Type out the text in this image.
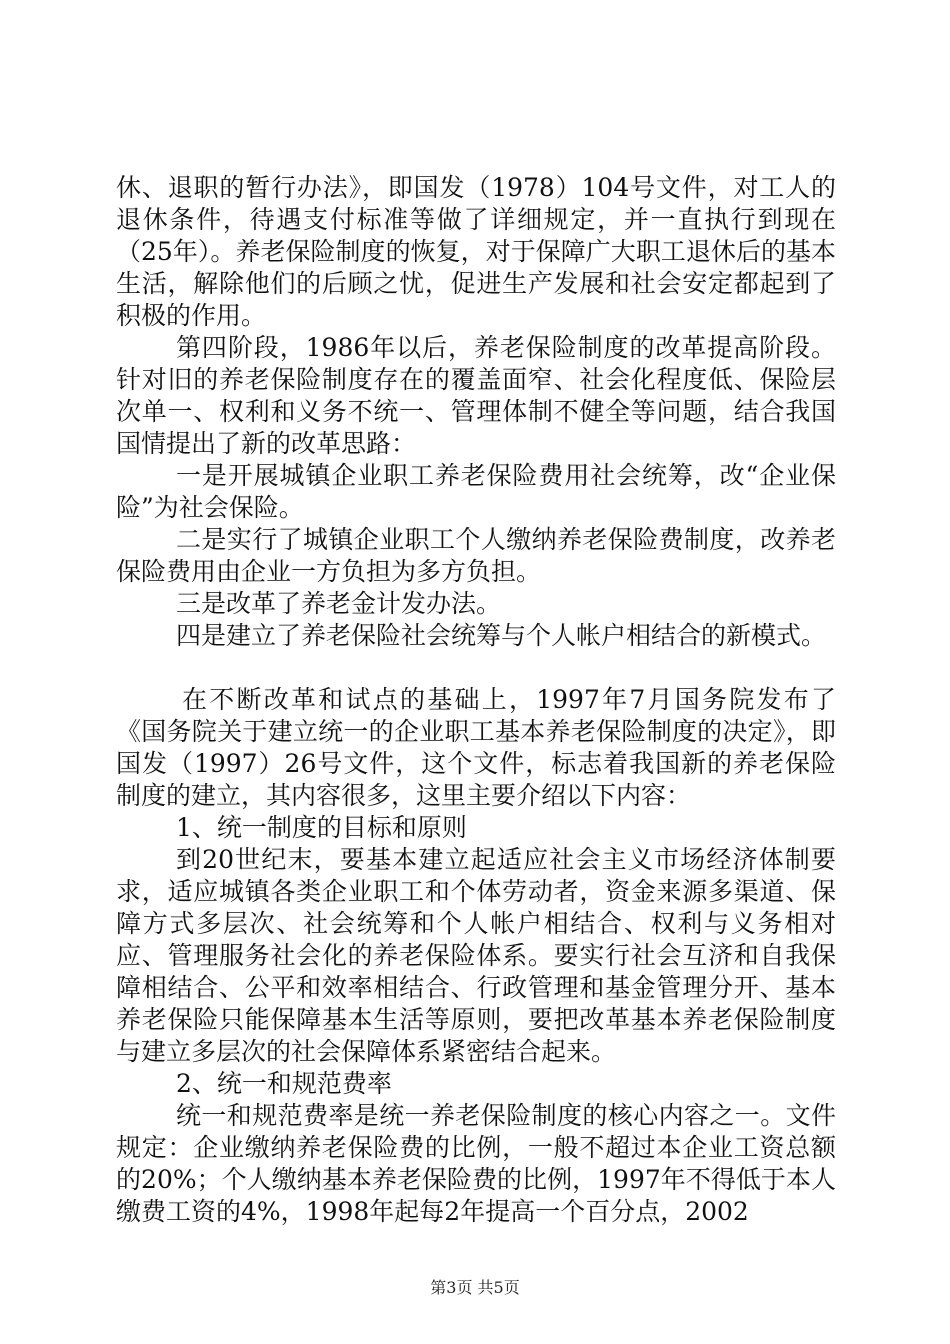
休、退职的暂行办法》，即国发（1978）104号文件，对工人的退休条件，待遇支付标准等做了详细规定，并一直执行到现在（25年）。养老保险制度的恢复，对于保障广大职工退休后的基本生活，解除他们的后顾之忧，促进生产发展和社会安定都起到了积极的作用。

第四阶段，1986年以后，养老保险制度的改革提高阶段。针对旧的养老保险制度存在的覆盖面窄、社会化程度低、保险层次单一、权利和义务不统一、管理体制不健全等问题，结合我国国情提出了新的改革思路：

一是开展城镇企业职工养老保险费用社会统筹，改“企业保险”为社会保险。

二是实行了城镇企业职工个人缴纳养老保险费制度，改养老保险费用由企业一方负担为多方负担。

三是改革了养老金计发办法。

四是建立了养老保险社会统筹与个人帐户相结合的新模式。

在不断改革和试点的基础上，1997年7月国务院发布了《国务院关于建立统一的企业职工基本养老保险制度的决定》，即国发（1997）26号文件，这个文件，标志着我国新的养老保险制度的建立，其内容很多，这里主要介绍以下内容：

1、统一制度的目标和原则

到20世纪末，要基本建立起适应社会主义市场经济体制要求，适应城镇各类企业职工和个体劳动者，资金来源多渠道、保障方式多层次、社会统筹和个人帐户相结合、权利与义务相对应、管理服务社会化的养老保险体系。要实行社会互济和自我保障相结合、公平和效率相结合、行政管理和基金管理分开、基本养老保险只能保障基本生活等原则，要把改革基本养老保险制度与建立多层次的社会保障体系紧密结合起来。

2、统一和规范费率

统一和规范费率是统一养老保险制度的核心内容之一。文件规定：企业缴纳养老保险费的比例，一般不超过本企业工资总额的20%；个人缴纳基本养老保险费的比例，1997年不得低于本人缴费工资的4%，1998年起每2年提高一个百分点，2002

第3页 共5页
